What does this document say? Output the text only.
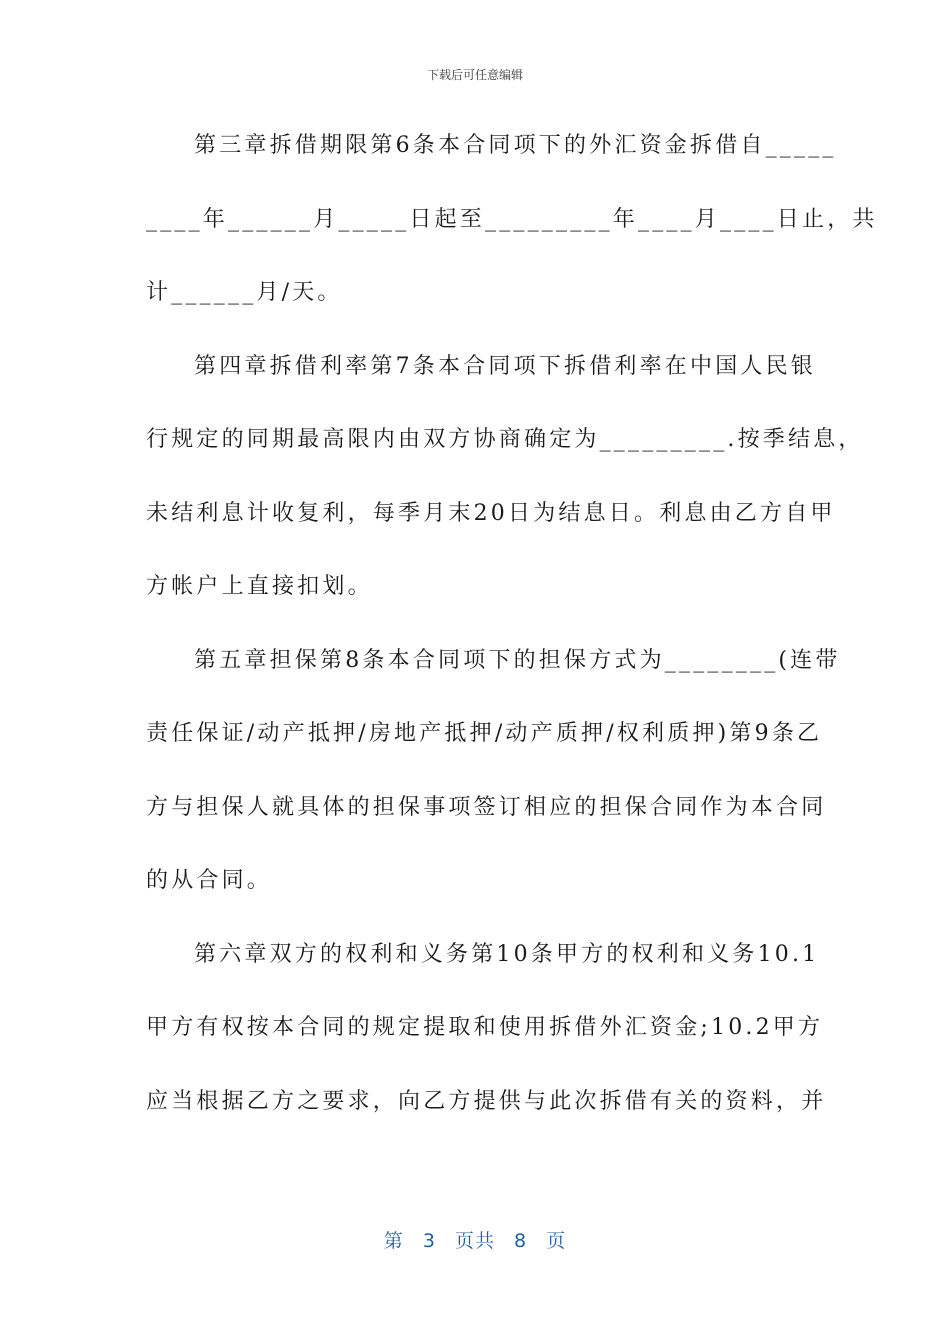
下载后可任意编辑
第三章拆借期限第6条本合同项下的外汇资金拆借自_____
____年______月_____日起至_________年____月____日止，共
计______月/天。
第四章拆借利率第7条本合同项下拆借利率在中国人民银
行规定的同期最高限内由双方协商确定为_________.按季结息，
未结利息计收复利，每季月末20日为结息日。利息由乙方自甲
方帐户上直接扣划。
第五章担保第8条本合同项下的担保方式为________(连带
责任保证/动产抵押/房地产抵押/动产质押/权利质押)第9条乙
方与担保人就具体的担保事项签订相应的担保合同作为本合同
的从合同。
第六章双方的权利和义务第10条甲方的权利和义务10.1
甲方有权按本合同的规定提取和使用拆借外汇资金;10.2甲方
应当根据乙方之要求，向乙方提供与此次拆借有关的资料，并
第 3 页共 8 页
